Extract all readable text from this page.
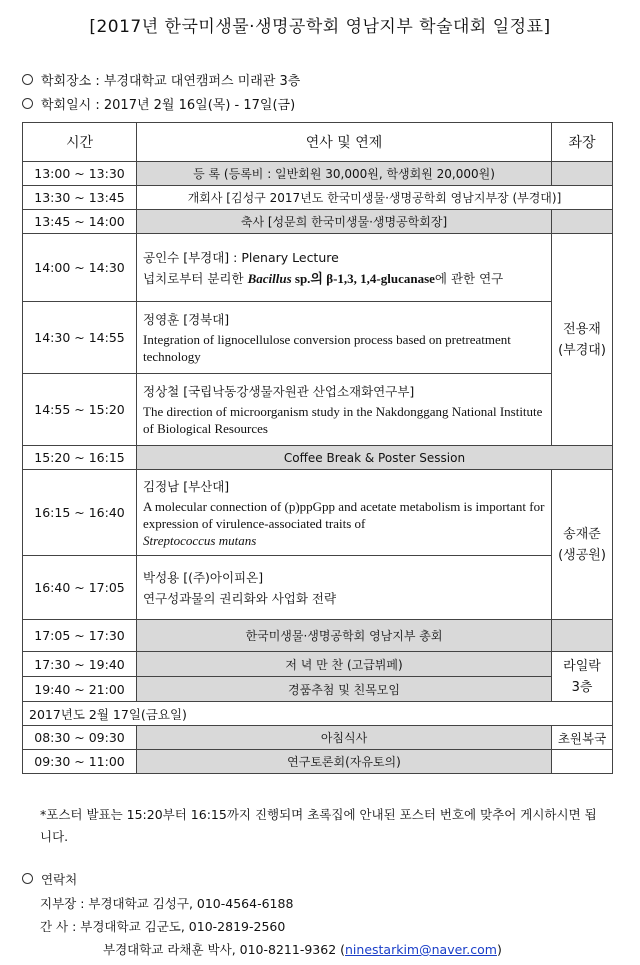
[2017년 한국미생물·생명공학회 영남지부 학술대회 일정표]
학회장소 : 부경대학교 대연캠퍼스 미래관 3층
학회일시 : 2017년 2월 16일(목) - 17일(금)
시간	연사 및 연제	좌장
13:00 ~ 13:30	등 록 (등록비 : 일반회원 30,000원, 학생회원 20,000원)	
13:30 ~ 13:45	개회사 [김성구 2017년도 한국미생물·생명공학회 영남지부장 (부경대)]	
13:45 ~ 14:00	축사 [성문희 한국미생물·생명공학회장]	
14:00 ~ 14:30	공인수 [부경대] : Plenary Lecture
넙치로부터 분리한 Bacillus sp.의 β-1,3, 1,4-glucanase에 관한 연구	전용재
(부경대)
14:30 ~ 14:55	정영훈 [경북대]
Integration of lignocellulose conversion process based on pretreatment technology	

14:55 ~ 15:20	정상철 [국립낙동강생물자원관 산업소재화연구부]
The direction of microorganism study in the Nakdonggang National Institute of Biological Resources	

15:20 ~ 16:15	Coffee Break & Poster Session	
16:15 ~ 16:40	김정남 [부산대]
A molecular connection of (p)ppGpp and acetate metabolism is important for expression of virulence-associated traits of
Streptococcus mutans	송재준
(생공원)
16:40 ~ 17:05	박성용 [(주)아이피온]
연구성과물의 권리화와 사업화 전략	

17:05 ~ 17:30	한국미생물·생명공학회 영남지부 총회	
17:30 ~ 19:40	저 녁 만 찬 (고급뷔페)	라일락
3층
19:40 ~ 21:00	경품추첨 및 친목모임	
2017년도 2월 17일(금요일)		
08:30 ~ 09:30	아침식사	초원복국
09:30 ~ 11:00	연구토론회(자유토의)	
*포스터 발표는 15:20부터 16:15까지 진행되며 초록집에 안내된 포스터 번호에 맞추어 게시하시면 됩니다.
연락처
지부장 : 부경대학교 김성구, 010-4564-6188
간 사 : 부경대학교 김군도, 010-2819-2560
부경대학교 라채훈 박사, 010-8211-9362 (ninestarkim@naver.com)
